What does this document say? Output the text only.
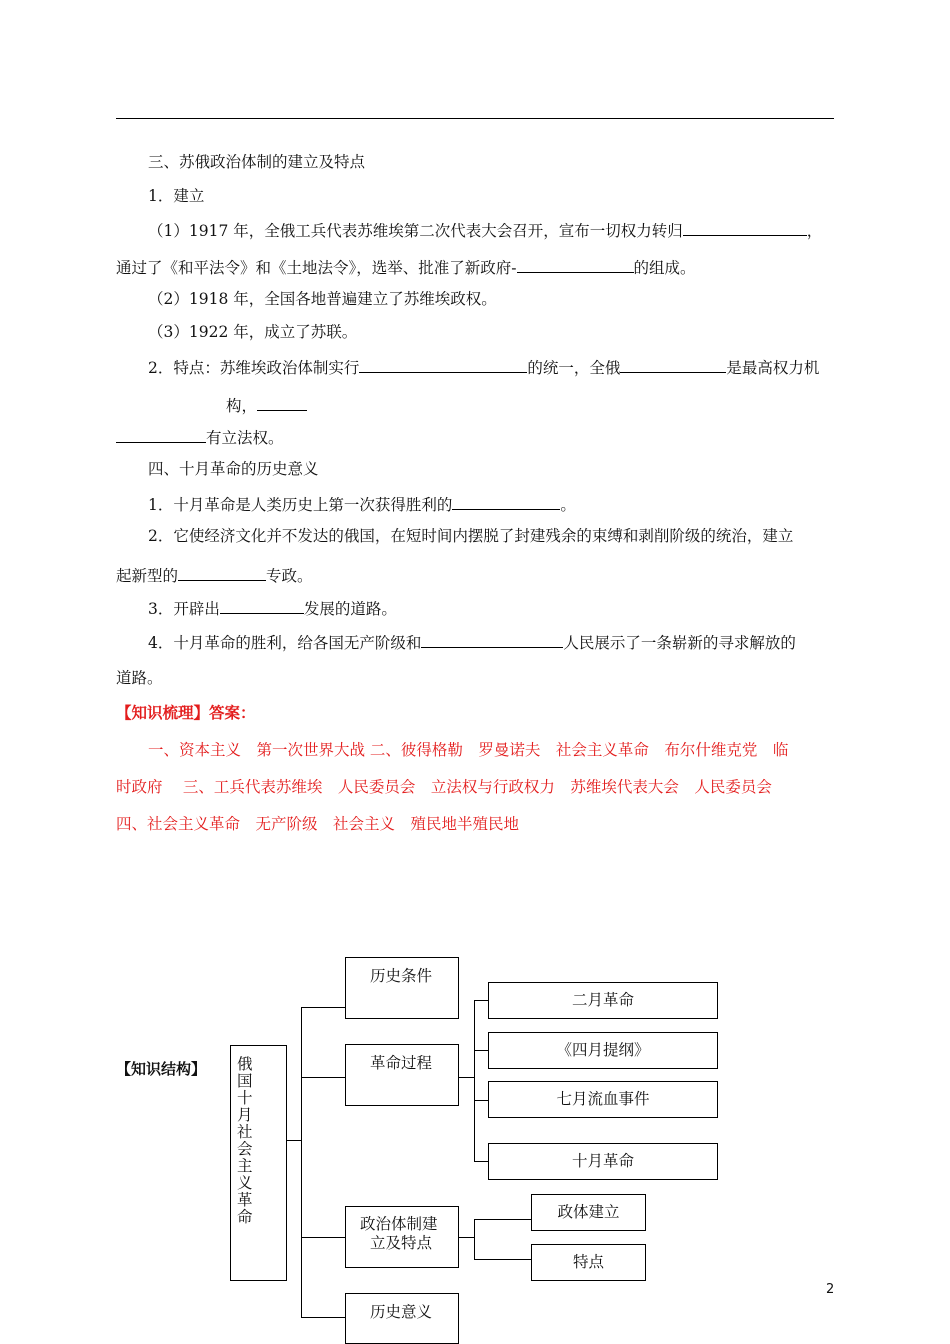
三、苏俄政治体制的建立及特点
1．建立
（1）1917 年，全俄工兵代表苏维埃第二次代表大会召开，宣布一切权力转归	，
通过了《和平法令》和《土地法令》，选举、批准了新政府-	的组成。
（2）1918 年，全国各地普遍建立了苏维埃政权。
（3）1922 年，成立了苏联。
2．特点：苏维埃政治体制实行	的统一，全俄	是最高权力机
构，
有立法权。
四、十月革命的历史意义
1．十月革命是人类历史上第一次获得胜利的	。
2．它使经济文化并不发达的俄国，在短时间内摆脱了封建残余的束缚和剥削阶级的统治，建立
起新型的	专政。
3．开辟出	发展的道路。
4．十月革命的胜利，给各国无产阶级和	人民展示了一条崭新的寻求解放的
道路。
【知识梳理】答案：
一、资本主义　第一次世界大战 二、彼得格勒　罗曼诺夫　社会主义革命　布尔什维克党　临
时政府　 三、工兵代表苏维埃　人民委员会　立法权与行政权力　苏维埃代表大会　人民委员会
四、社会主义革命　无产阶级　社会主义　殖民地半殖民地
【知识结构】 俄国十月社会主义革命
历史条件
革命过程
政治体制建
立及特点
历史意义
二月革命
《四月提纲》
七月流血事件
十月革命
政体建立
特点
2
